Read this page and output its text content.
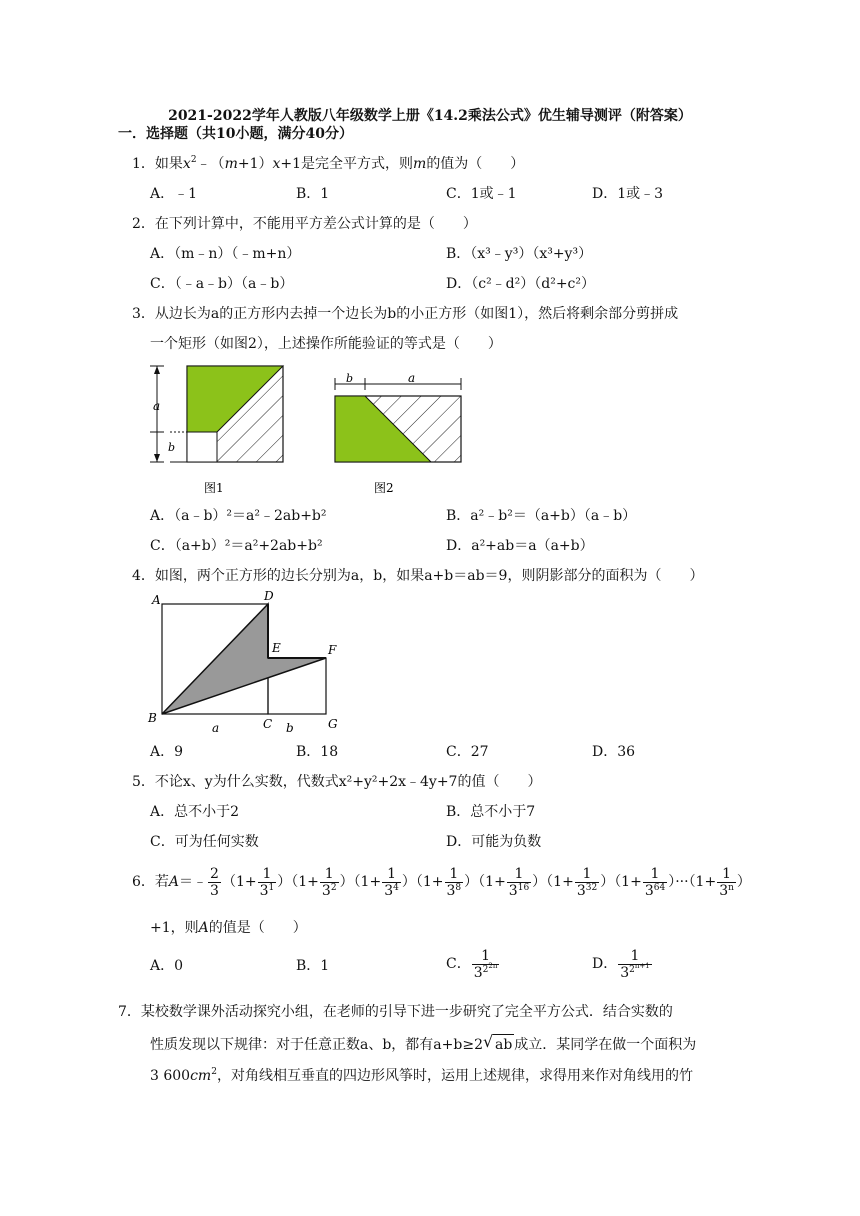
2021-2022学年人教版八年级数学上册《14.2乘法公式》优生辅导测评（附答案）
一．选择题（共10小题，满分40分）
1．如果$x^2﹣(m+1)x+1$是完全平方式，则m的值为（　　）
A．﹣1	B．1	C．1或﹣1	D．1或﹣3
2．在下列计算中，不能用平方差公式计算的是（　　）
A．（m﹣n）（﹣m+n）	B．（x³﹣y³）（x³+y³）
C．（﹣a﹣b）（a﹣b）	D．（c²﹣d²）（d²+c²）
3．从边长为a的正方形内去掉一个边长为b的小正方形（如图1），然后将剩余部分剪拼成
一个矩形（如图2），上述操作所能验证的等式是（　　）
a
b
b	a
图1	图2
A．（a﹣b）²＝a²﹣2ab+b²	B．a²﹣b²＝（a+b）（a﹣b）
C．（a+b）²＝a²+2ab+b²	D．a²+ab＝a（a+b）
4．如图，两个正方形的边长分别为a，b，如果a+b＝ab＝9，则阴影部分的面积为（　　）
A	D
E	F
B	C	G
a	b
A．9	B．18	C．27	D．36
5．不论x、y为什么实数，代数式x²+y²+2x﹣4y+7的值（　　）
A．总不小于2	B．总不小于7
C．可为任何实数	D．可能为负数
6．若A＝﹣ $\frac{2}{3} (1+ \frac{1}{3^1} )(1+ \frac{1}{3^2} )(1+ \frac{1}{3^4} )(1+ \frac{1}{3^8} )(1+ \frac{1}{3^{16}} )(1+ \frac{1}{3^{32}} )(1+ \frac{1}{3^{64}} )\cdot\cdot\cdot(1+ \frac{1}{3^n}$ ）
+1，则A的值是（　　）
A．0	B．1	C． $\frac{1}{3^{2^{2n}}}$	D． $\frac{1}{3^{2^{n+1}}}$
7．某校数学课外活动探究小组，在老师的引导下进一步研究了完全平方公式．结合实数的
性质发现以下规律：对于任意正数a、b，都有a+b≥2√ ab 成立．某同学在做一个面积为
3 $600cm^2$，对角线相互垂直的四边形风筝时，运用上述规律，求得用来作对角线用的竹
